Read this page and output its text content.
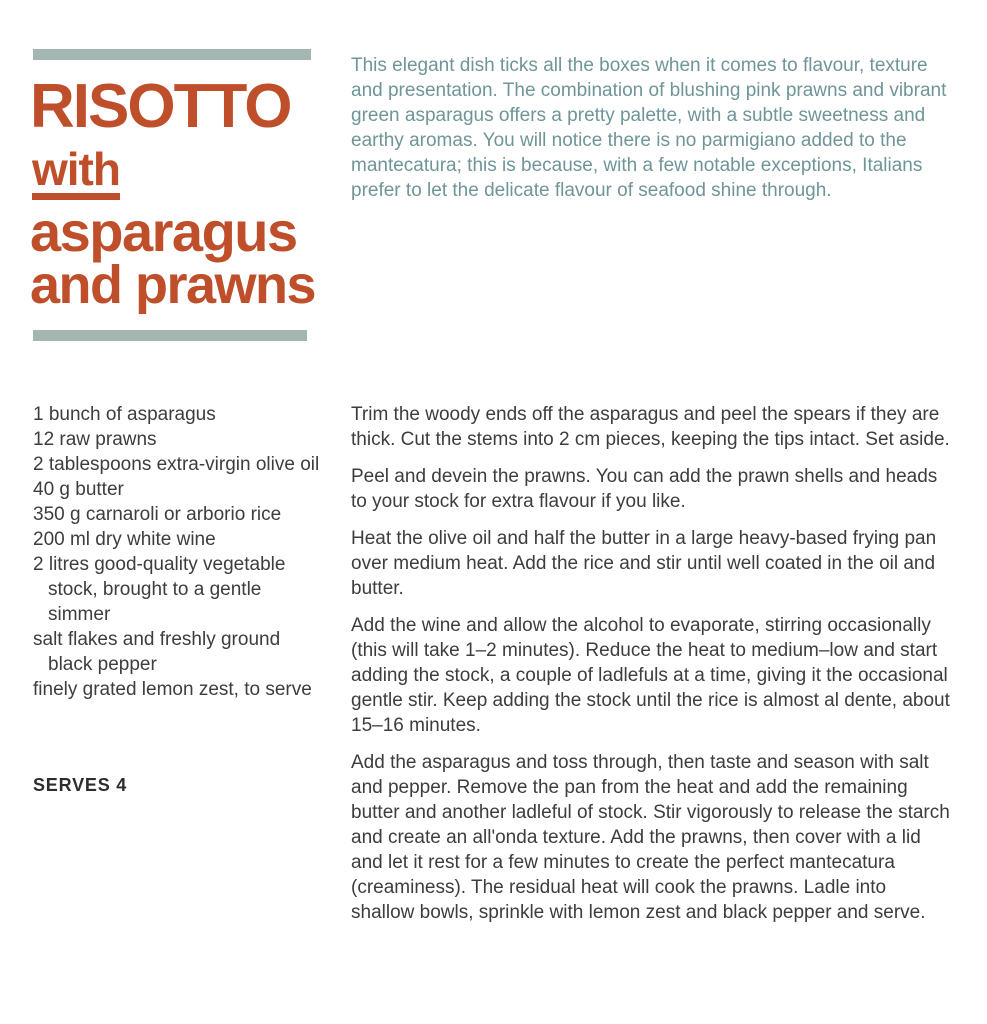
RISOTTO
with
asparagus
and prawns

This elegant dish ticks all the boxes when it comes to flavour, texture and presentation. The combination of blushing pink prawns and vibrant green asparagus offers a pretty palette, with a subtle sweetness and earthy aromas. You will notice there is no parmigiano added to the mantecatura; this is because, with a few notable exceptions, Italians prefer to let the delicate flavour of seafood shine through.

1 bunch of asparagus
12 raw prawns
2 tablespoons extra-virgin olive oil
40 g butter
350 g carnaroli or arborio rice
200 ml dry white wine
2 litres good-quality vegetable stock, brought to a gentle simmer
salt flakes and freshly ground black pepper
finely grated lemon zest, to serve
SERVES 4

Trim the woody ends off the asparagus and peel the spears if they are thick. Cut the stems into 2 cm pieces, keeping the tips intact. Set aside.

Peel and devein the prawns. You can add the prawn shells and heads to your stock for extra flavour if you like.

Heat the olive oil and half the butter in a large heavy-based frying pan over medium heat. Add the rice and stir until well coated in the oil and butter.

Add the wine and allow the alcohol to evaporate, stirring occasionally (this will take 1–2 minutes). Reduce the heat to medium–low and start adding the stock, a couple of ladlefuls at a time, giving it the occasional gentle stir. Keep adding the stock until the rice is almost al dente, about 15–16 minutes.

Add the asparagus and toss through, then taste and season with salt and pepper. Remove the pan from the heat and add the remaining butter and another ladleful of stock. Stir vigorously to release the starch and create an all'onda texture. Add the prawns, then cover with a lid and let it rest for a few minutes to create the perfect mantecatura (creaminess). The residual heat will cook the prawns. Ladle into shallow bowls, sprinkle with lemon zest and black pepper and serve.
